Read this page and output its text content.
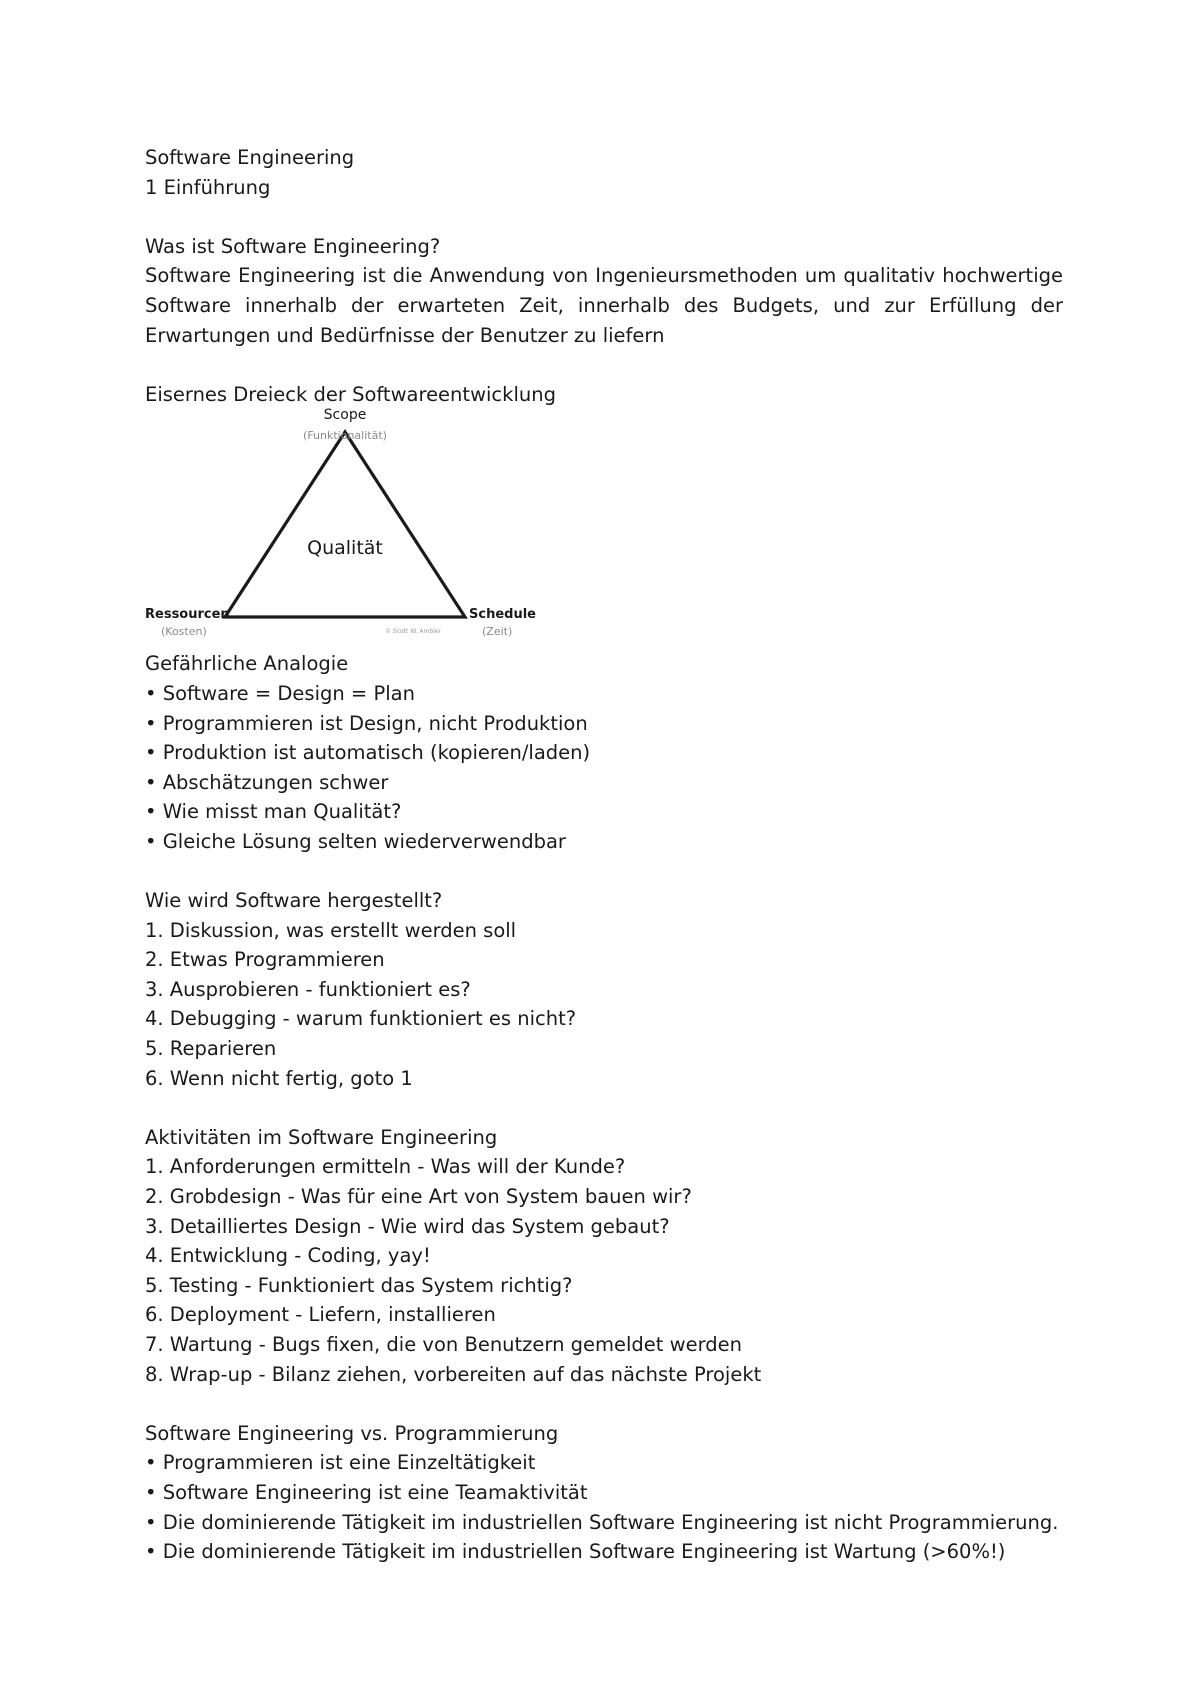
Software Engineering
1 Einführung
Was ist Software Engineering?
Software Engineering ist die Anwendung von Ingenieursmethoden um qualitativ hochwertige Software innerhalb der erwarteten Zeit, innerhalb des Budgets, und zur Erfüllung der Erwartungen und Bedürfnisse der Benutzer zu liefern
Eisernes Dreieck der Softwareentwicklung
Scope
(Funktionalität)
Qualität
Ressourcen
(Kosten)
Schedule
(Zeit)
© Scott W. Ambler
Gefährliche Analogie
• Software = Design = Plan
• Programmieren ist Design, nicht Produktion
• Produktion ist automatisch (kopieren/laden)
• Abschätzungen schwer
• Wie misst man Qualität?
• Gleiche Lösung selten wiederverwendbar
Wie wird Software hergestellt?
1. Diskussion, was erstellt werden soll
2. Etwas Programmieren
3. Ausprobieren - funktioniert es?
4. Debugging - warum funktioniert es nicht?
5. Reparieren
6. Wenn nicht fertig, goto 1
Aktivitäten im Software Engineering
1. Anforderungen ermitteln - Was will der Kunde?
2. Grobdesign - Was für eine Art von System bauen wir?
3. Detailliertes Design - Wie wird das System gebaut?
4. Entwicklung - Coding, yay!
5. Testing - Funktioniert das System richtig?
6. Deployment - Liefern, installieren
7. Wartung - Bugs fixen, die von Benutzern gemeldet werden
8. Wrap-up - Bilanz ziehen, vorbereiten auf das nächste Projekt
Software Engineering vs. Programmierung
• Programmieren ist eine Einzeltätigkeit
• Software Engineering ist eine Teamaktivität
• Die dominierende Tätigkeit im industriellen Software Engineering ist nicht Programmierung.
• Die dominierende Tätigkeit im industriellen Software Engineering ist Wartung (>60%!)
